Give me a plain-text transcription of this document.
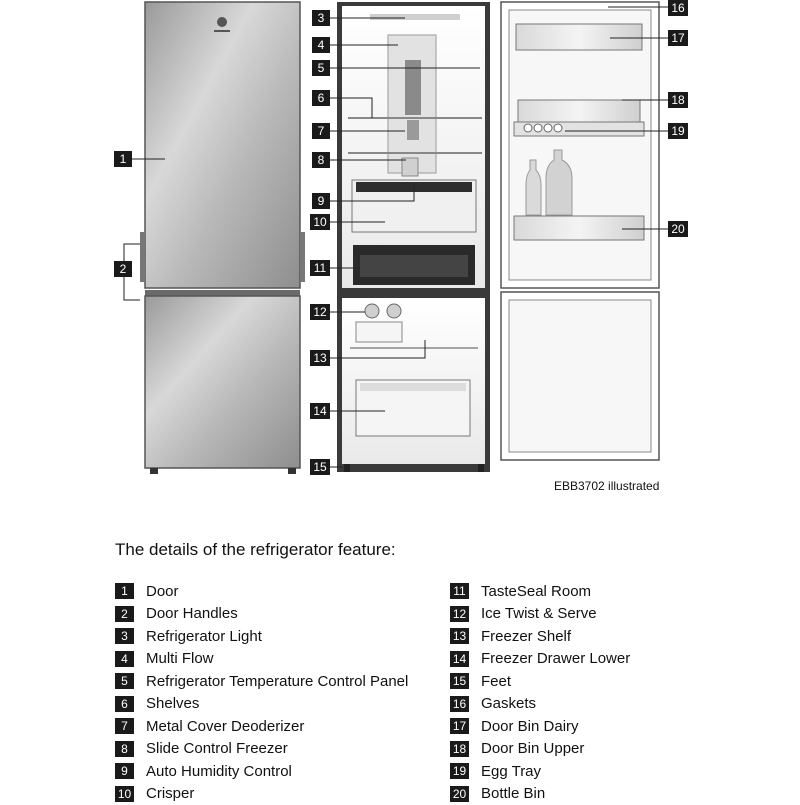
1
2
3
4
5
6
7
8
9
10
11
12
13
14
15
16
17
18
19
20
EBB3702 illustrated
The details of the refrigerator feature:
1	Door
2	Door Handles
3	Refrigerator Light
4	Multi Flow
5	Refrigerator Temperature Control Panel
6	Shelves
7	Metal Cover Deoderizer
8	Slide Control Freezer
9	Auto Humidity Control
10 Crisper
11 TasteSeal Room
12 Ice Twist & Serve
13 Freezer Shelf
14 Freezer Drawer Lower
15 Feet
16 Gaskets
17 Door Bin Dairy
18 Door Bin Upper
19 Egg Tray
20 Bottle Bin
